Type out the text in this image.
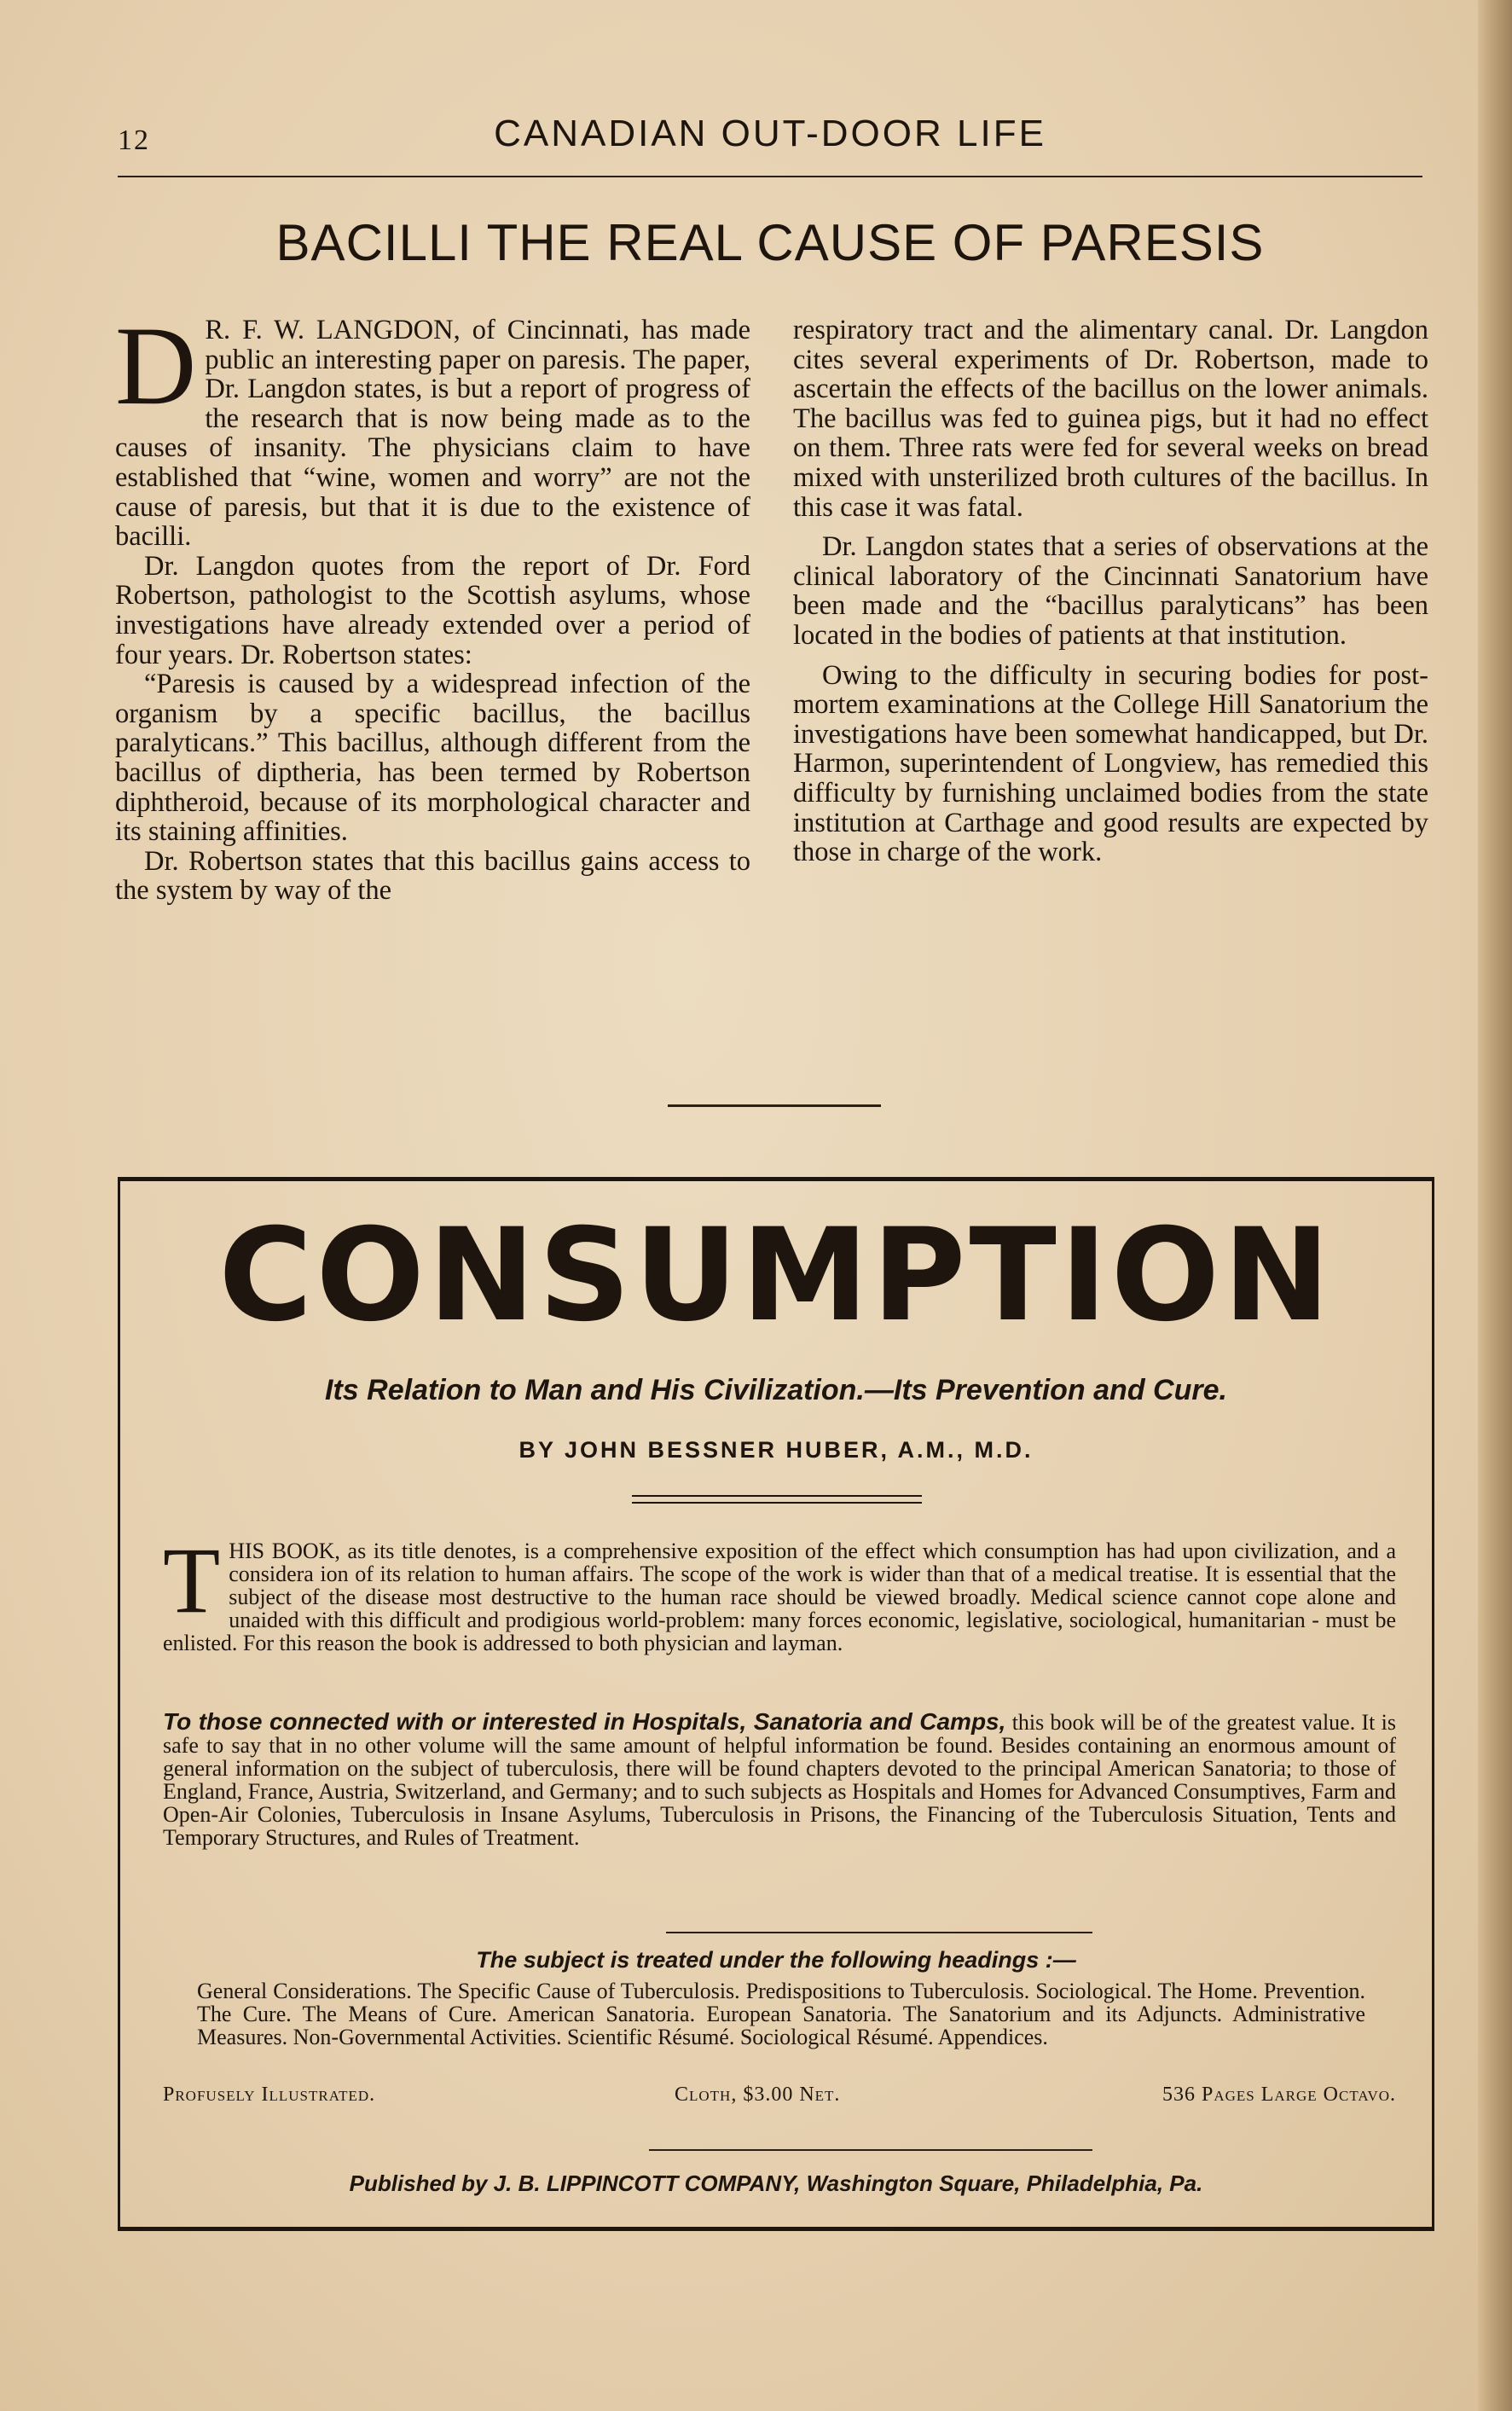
12	CANADIAN OUT-DOOR LIFE
BACILLI THE REAL CAUSE OF PARESIS

D R. F. W. LANGDON, of Cincinnati, has made public an interesting paper on paresis. The paper, Dr. Langdon states, is but a report of progress of the research that is now being made as to the causes of insanity. The physicians claim to have established that “wine, women and worry” are not the cause of paresis, but that it is due to the existence of bacilli.

Dr. Langdon quotes from the report of Dr. Ford Robertson, pathologist to the Scottish asylums, whose investigations have already extended over a period of four years. Dr. Robertson states:

“Paresis is caused by a widespread infection of the organism by a specific bacillus, the bacillus paralyticans.” This bacillus, although different from the bacillus of diptheria, has been termed by Robertson diphtheroid, because of its morphological character and its staining affinities.

Dr. Robertson states that this bacillus gains access to the system by way of the

respiratory tract and the alimentary canal. Dr. Langdon cites several experiments of Dr. Robertson, made to ascertain the effects of the bacillus on the lower animals. The bacillus was fed to guinea pigs, but it had no effect on them. Three rats were fed for several weeks on bread mixed with unsterilized broth cultures of the bacillus. In this case it was fatal.

Dr. Langdon states that a series of observations at the clinical laboratory of the Cincinnati Sanatorium have been made and the “bacillus paralyticans” has been located in the bodies of patients at that institution.

Owing to the difficulty in securing bodies for post-mortem examinations at the College Hill Sanatorium the investigations have been somewhat handicapped, but Dr. Harmon, superintendent of Longview, has remedied this difficulty by furnishing unclaimed bodies from the state institution at Carthage and good results are expected by those in charge of the work.

CONSUMPTION
Its Relation to Man and His Civilization.—Its Prevention and Cure.
BY JOHN BESSNER HUBER, A.M., M.D.

THIS BOOK, as its title denotes, is a comprehensive exposition of the effect which consumption has had upon civilization, and a considera ion of its relation to human affairs. The scope of the work is wider than that of a medical treatise. It is essential that the subject of the disease most destructive to the human race should be viewed broadly. Medical science cannot cope alone and unaided with this difficult and prodigious world-problem: many forces economic, legislative, sociological, humanitarian - must be enlisted. For this reason the book is addressed to both physician and layman.

To those connected with or interested in Hospitals, Sanatoria and Camps, this book will be of the greatest value. It is safe to say that in no other volume will the same amount of helpful information be found. Besides containing an enormous amount of general information on the subject of tuberculosis, there will be found chapters devoted to the principal American Sanatoria; to those of England, France, Austria, Switzerland, and Germany; and to such subjects as Hospitals and Homes for Advanced Consumptives, Farm and Open-Air Colonies, Tuberculosis in Insane Asylums, Tuberculosis in Prisons, the Financing of the Tuberculosis Situation, Tents and Temporary Structures, and Rules of Treatment.

The subject is treated under the following headings :—
General Considerations. The Specific Cause of Tuberculosis. Predispositions to Tuberculosis. Sociological. The Home. Prevention. The Cure. The Means of Cure. American Sanatoria. European Sanatoria. The Sanatorium and its Adjuncts. Administrative Measures. Non-Governmental Activities. Scientific Résumé. Sociological Résumé. Appendices.
Profusely Illustrated.	Cloth, $3.00 Net.	536 Pages Large Octavo.
Published by J. B. LIPPINCOTT COMPANY, Washington Square, Philadelphia, Pa.
